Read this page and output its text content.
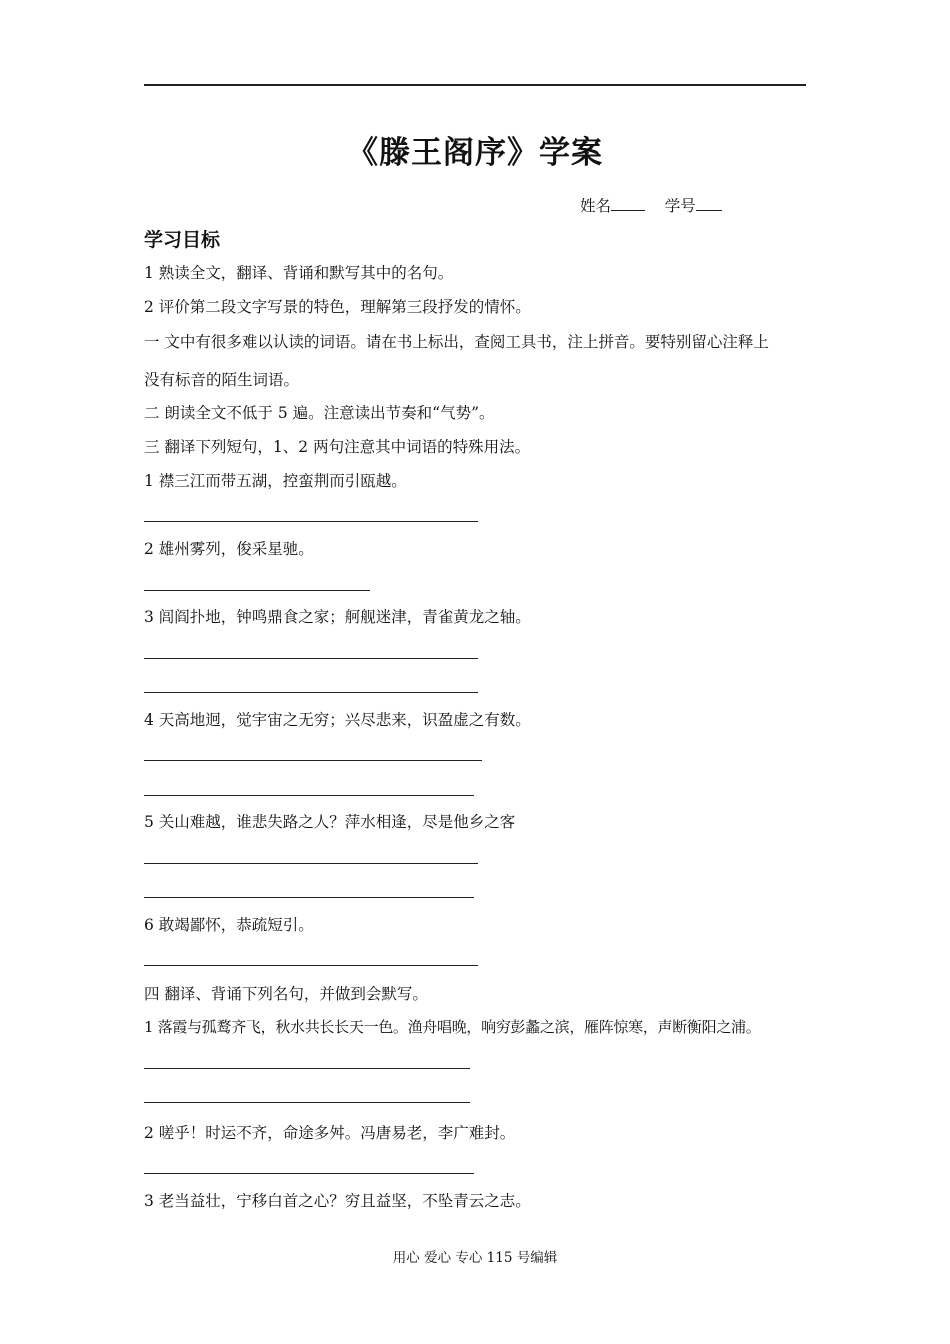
《滕王阁序》学案
姓名	学号
学习目标
1 熟读全文，翻译、背诵和默写其中的名句。
2 评价第二段文字写景的特色，理解第三段抒发的情怀。
一 文中有很多难以认读的词语。请在书上标出，查阅工具书，注上拼音。要特别留心注释上
没有标音的陌生词语。
二 朗读全文不低于 5 遍。注意读出节奏和“气势”。
三 翻译下列短句，1、2 两句注意其中词语的特殊用法。
1 襟三江而带五湖，控蛮荆而引瓯越。
2 雄州雾列，俊采星驰。
3 闾阎扑地，钟鸣鼎食之家；舸舰迷津，青雀黄龙之轴。
4 天高地迥，觉宇宙之无穷；兴尽悲来，识盈虚之有数。
5 关山难越，谁悲失路之人？萍水相逢，尽是他乡之客
6 敢竭鄙怀，恭疏短引。
四 翻译、背诵下列名句，并做到会默写。
1 落霞与孤鹜齐飞，秋水共长长天一色。渔舟唱晚，响穷彭蠡之滨，雁阵惊寒，声断衡阳之浦。
2 嗟乎！时运不齐，命途多舛。冯唐易老，李广难封。
3 老当益壮，宁移白首之心？穷且益坚，不坠青云之志。
用心 爱心 专心 115 号编辑
